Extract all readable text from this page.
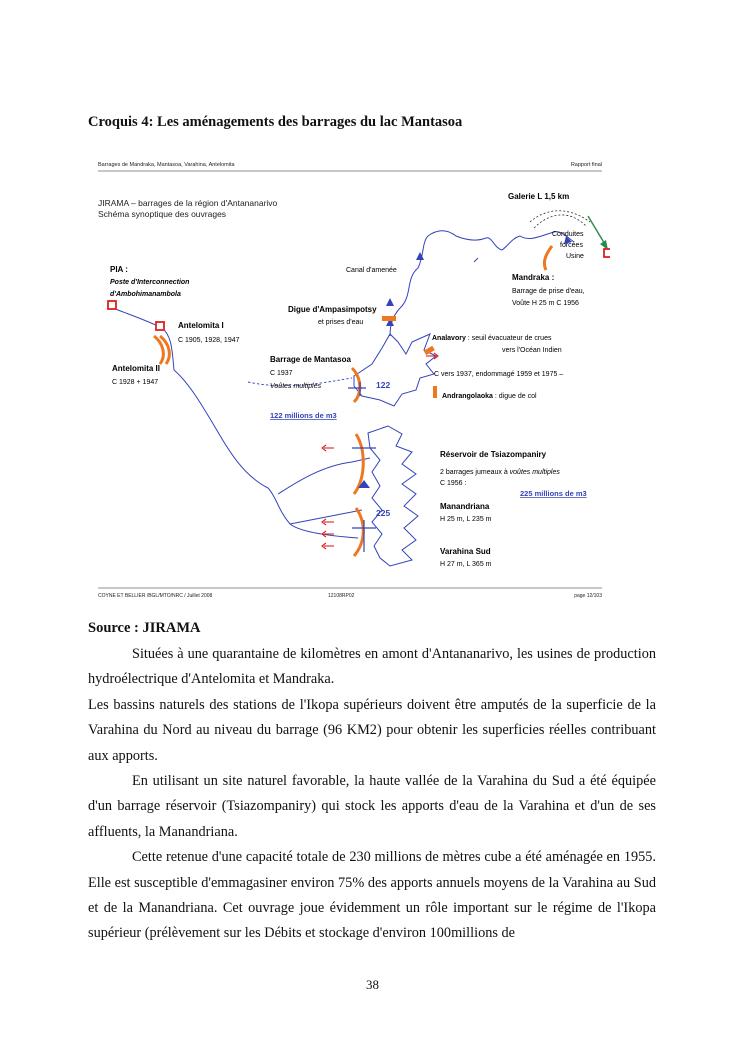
Croquis 4: Les aménagements des barrages du lac Mantasoa
Barrages de Mandraka, Mantasoa, Varahina, Antelomita	Rapport final
COYNE ET BELLIER /BGL/MTO/NRC / Juillet 2008	12108RP02	page 12/103
JIRAMA – barrages de la région d'Antananarivo
Schéma synoptique des ouvrages
122
225
PIA :
Poste d'Interconnection
d'Ambohimanambola
Antelomita I
C 1905, 1928, 1947
Antelomita II
C 1928 + 1947
Canal d'amenée
Digue d'Ampasimpotsy
et prises d'eau
Galerie L 1,5 km
Conduites
forcées
Usine
Mandraka :
Barrage de prise d'eau,
Voûte H 25 m C 1956
Barrage de Mantasoa
C 1937
Voûtes multiples
122 millions de m3
Analavory : seuil évacuateur de crues
vers l'Océan Indien
C vers 1937, endommagé 1959 et 1975 –
Andrangolaoka : digue de col
Réservoir de Tsiazompaniry
2 barrages jumeaux à voûtes multiples
C 1956 :
225 millions de m3
Manandriana
H 25 m, L 235 m
Varahina Sud
H 27 m, L 365 m
Source : JIRAMA

Situées à une quarantaine de kilomètres en amont d'Antananarivo, les usines de production hydroélectrique d'Antelomita et Mandraka.

Les bassins naturels des stations de l'Ikopa supérieurs doivent être amputés de la superficie de la Varahina du Nord au niveau du barrage (96 KM2) pour obtenir les superficies réelles contribuant aux apports.

En utilisant un site naturel favorable, la haute vallée de la Varahina du Sud a été équipée d'un barrage réservoir (Tsiazompaniry) qui stock les apports d'eau de la Varahina et d'un de ses affluents, la Manandriana.

Cette retenue d'une capacité totale de 230 millions de mètres cube a été aménagée en 1955. Elle est susceptible d'emmagasiner environ 75% des apports annuels moyens de la Varahina au Sud et de la Manandriana. Cet ouvrage joue évidemment un rôle important sur le régime de l'Ikopa supérieur (prélèvement sur les Débits et stockage d'environ 100millions de

38
